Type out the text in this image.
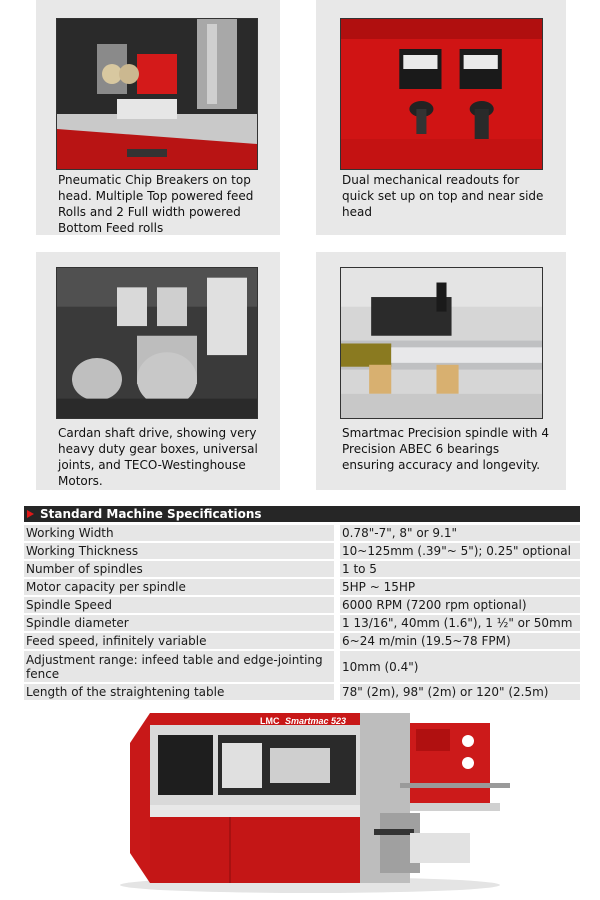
Pneumatic Chip Breakers on top head. Multiple Top powered feed Rolls and 2 Full width powered Bottom Feed rolls
Dual mechanical readouts for quick set up on top and near side head
Cardan shaft drive, showing very heavy duty gear boxes, universal joints, and TECO-Westinghouse Motors.
Smartmac Precision spindle with 4 Precision ABEC 6 bearings ensuring accuracy and longevity.
Standard Machine Specifications
Working Width	0.78"-7", 8" or 9.1"
Working Thickness	10~125mm (.39"~ 5"); 0.25" optional
Number of spindles	1 to 5
Motor capacity per spindle	5HP ~ 15HP
Spindle Speed	6000 RPM (7200 rpm optional)
Spindle diameter	1 13/16", 40mm (1.6"), 1 ½" or 50mm
Feed speed, infinitely variable	6~24 m/min (19.5~78 FPM)
Adjustment range: infeed table and edge-jointing fence	10mm (0.4")
Length of the straightening table	78" (2m), 98" (2m) or 120" (2.5m)
LMC Smartmac 523
